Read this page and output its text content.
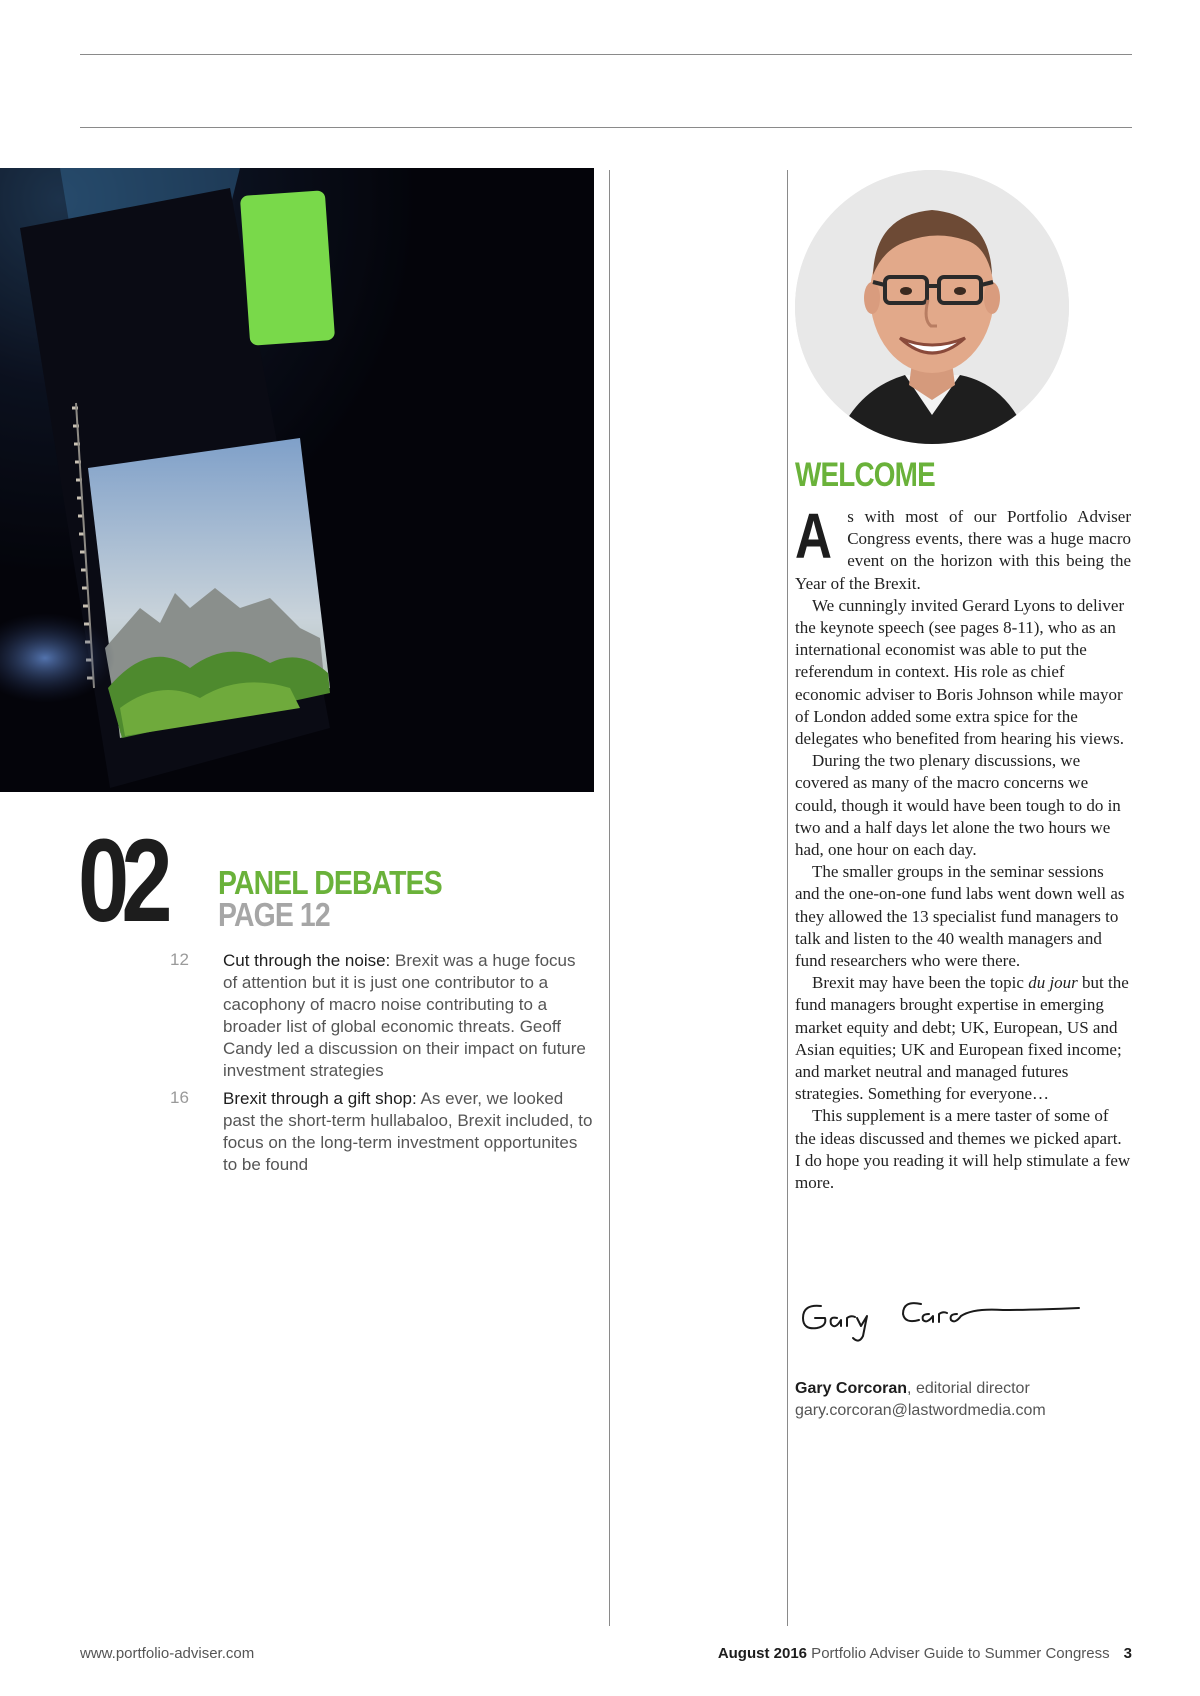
02 PANEL DEBATES
PAGE 12
12	Cut through the noise: Brexit was a huge focus of attention but it is just one contributor to a cacophony of macro noise contributing to a broader list of global economic threats. Geoff Candy led a discussion on their impact on future investment strategies
16	Brexit through a gift shop: As ever, we looked past the short-term hullabaloo, Brexit included, to focus on the long-term investment opportunites to be found
WELCOME

As with most of our Portfolio Adviser Congress events, there was a huge macro event on the horizon with this being the Year of the Brexit.

We cunningly invited Gerard Lyons to deliver the keynote speech (see pages 8-11), who as an international economist was able to put the referendum in context. His role as chief economic adviser to Boris Johnson while mayor of London added some extra spice for the delegates who benefited from hearing his views.

During the two plenary discussions, we covered as many of the macro concerns we could, though it would have been tough to do in two and a half days let alone the two hours we had, one hour on each day.

The smaller groups in the seminar sessions and the one-on-one fund labs went down well as they allowed the 13 specialist fund managers to talk and listen to the 40 wealth managers and fund researchers who were there.

Brexit may have been the topic du jour but the fund managers brought expertise in emerging market equity and debt; UK, European, US and Asian equities; UK and European fixed income; and market neutral and managed futures strategies. Something for everyone…

This supplement is a mere taster of some of the ideas discussed and themes we picked apart. I do hope you reading it will help stimulate a few more.

Gary Corcoran, editorial director
gary.corcoran@lastwordmedia.com
www.portfolio-adviser.com	August 2016 Portfolio Adviser Guide to Summer Congress 3
